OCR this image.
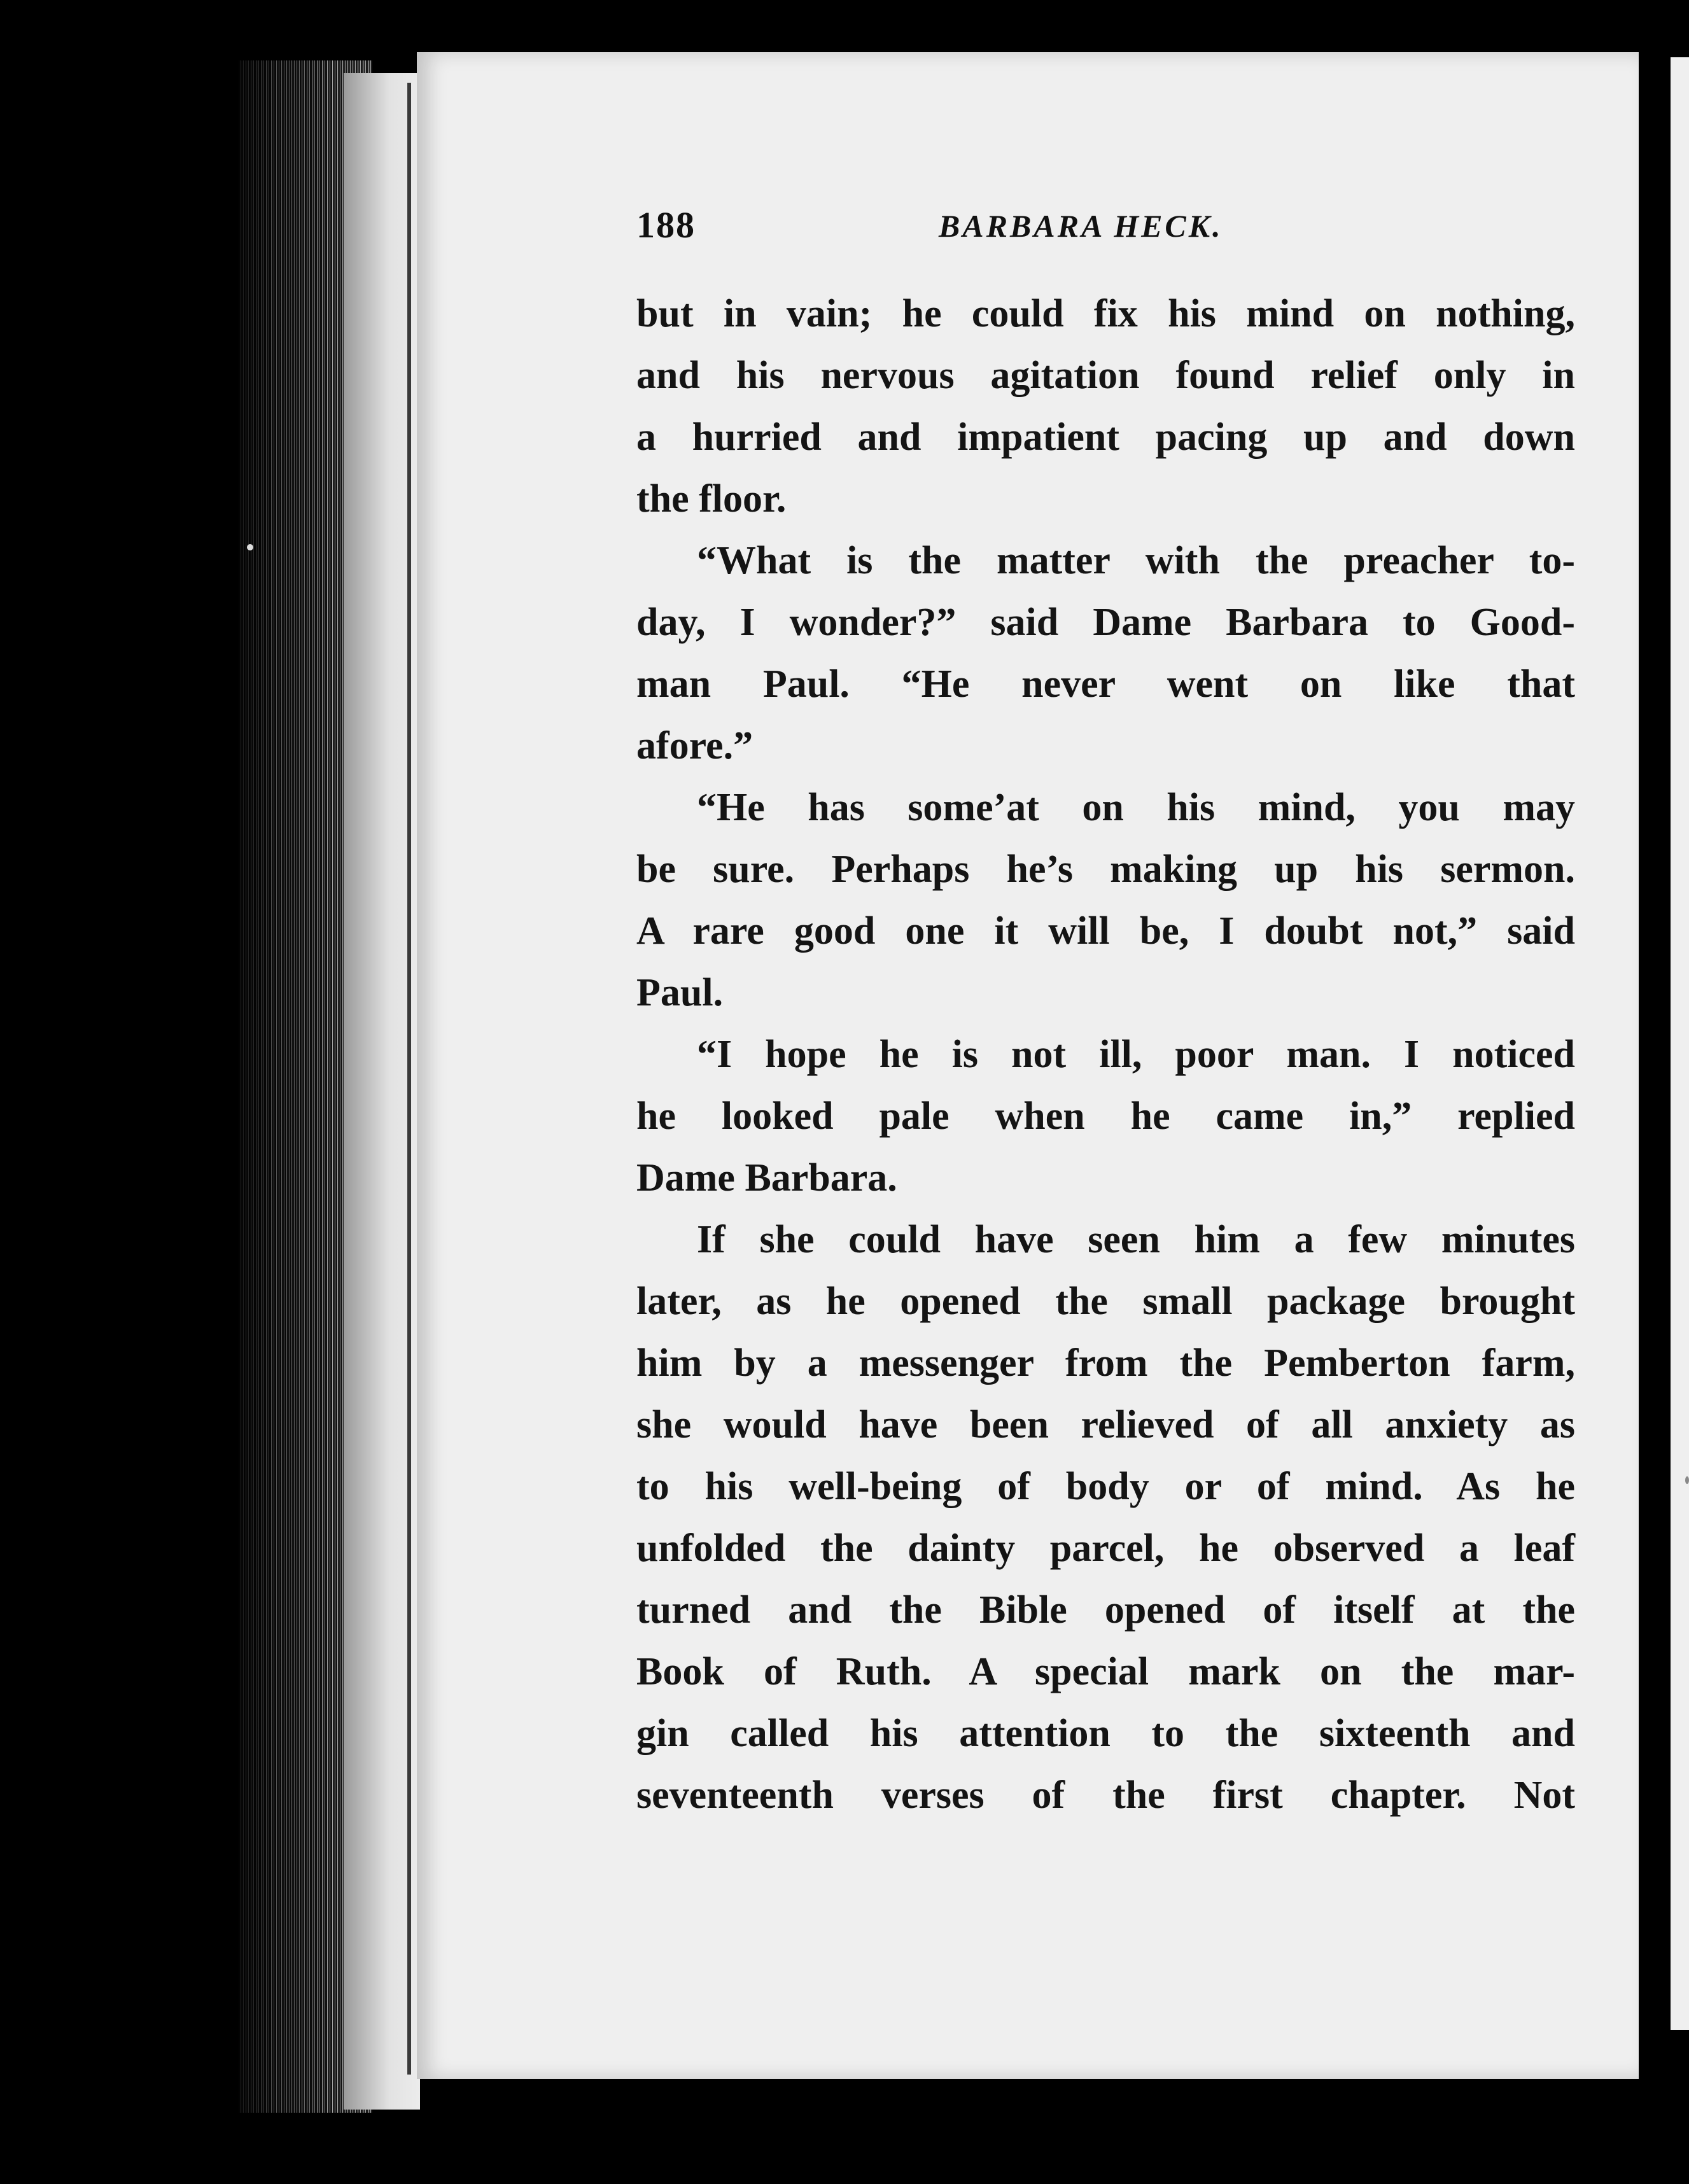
188	BARBARA HECK.
but in vain; he could fix his mind on nothing,
and his nervous agitation found relief only in
a hurried and impatient pacing up and down
the floor.
“What is the matter with the preacher to-
day, I wonder?” said Dame Barbara to Good-
man Paul. “He never went on like that
afore.”
“He has some’at on his mind, you may
be sure. Perhaps he’s making up his sermon.
A rare good one it will be, I doubt not,” said
Paul.
“I hope he is not ill, poor man. I noticed
he looked pale when he came in,” replied
Dame Barbara.
If she could have seen him a few minutes
later, as he opened the small package brought
him by a messenger from the Pemberton farm,
she would have been relieved of all anxiety as
to his well-being of body or of mind. As he
unfolded the dainty parcel, he observed a leaf
turned and the Bible opened of itself at the
Book of Ruth. A special mark on the mar-
gin called his attention to the sixteenth and
seventeenth verses of the first chapter. Not
